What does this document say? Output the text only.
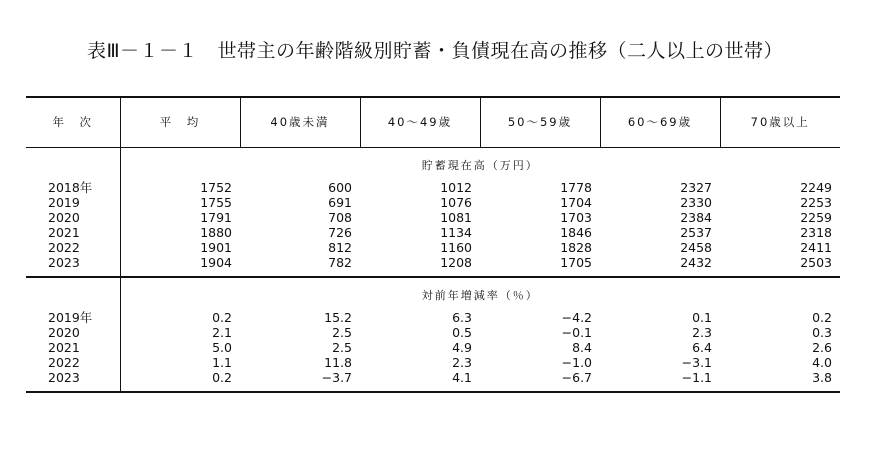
表Ⅲ－１－１　世帯主の年齢階級別貯蓄・負債現在高の推移（二人以上の世帯）
年　次	平　均	40歳未満	40～49歳	50～59歳	60～69歳	70歳以上
	貯蓄現在高（万円）					
2018年	1752	600	1012	1778	2327	2249
2019	1755	691	1076	1704	2330	2253
2020	1791	708	1081	1703	2384	2259
2021	1880	726	1134	1846	2537	2318
2022	1901	812	1160	1828	2458	2411
2023	1904	782	1208	1705	2432	2503
	対前年増減率（％）					
2019年	0.2	15.2	6.3	−4.2	0.1	0.2
2020	2.1	2.5	0.5	−0.1	2.3	0.3
2021	5.0	2.5	4.9	8.4	6.4	2.6
2022	1.1	11.8	2.3	−1.0	−3.1	4.0
2023	0.2	−3.7	4.1	−6.7	−1.1	3.8
